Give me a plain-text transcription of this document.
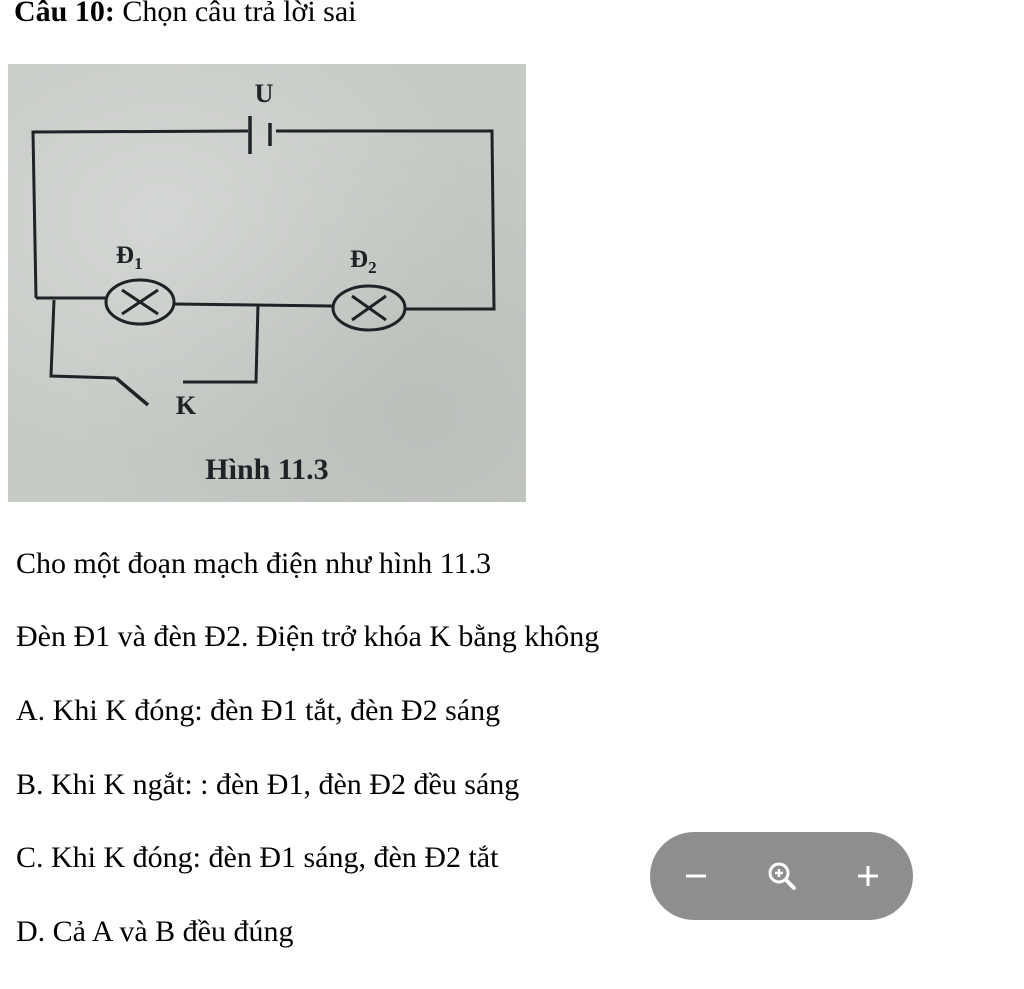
Câu 10: Chọn câu trả lời sai
U
$Đ_1$	$Đ_2$
K
Hình 11.3

Cho một đoạn mạch điện như hình 11.3

Đèn Đ1 và đèn Đ2. Điện trở khóa K bằng không

A. Khi K đóng: đèn Đ1 tắt, đèn Đ2 sáng

B. Khi K ngắt: : đèn Đ1, đèn Đ2 đều sáng

C. Khi K đóng: đèn Đ1 sáng, đèn Đ2 tắt

D. Cả A và B đều đúng
